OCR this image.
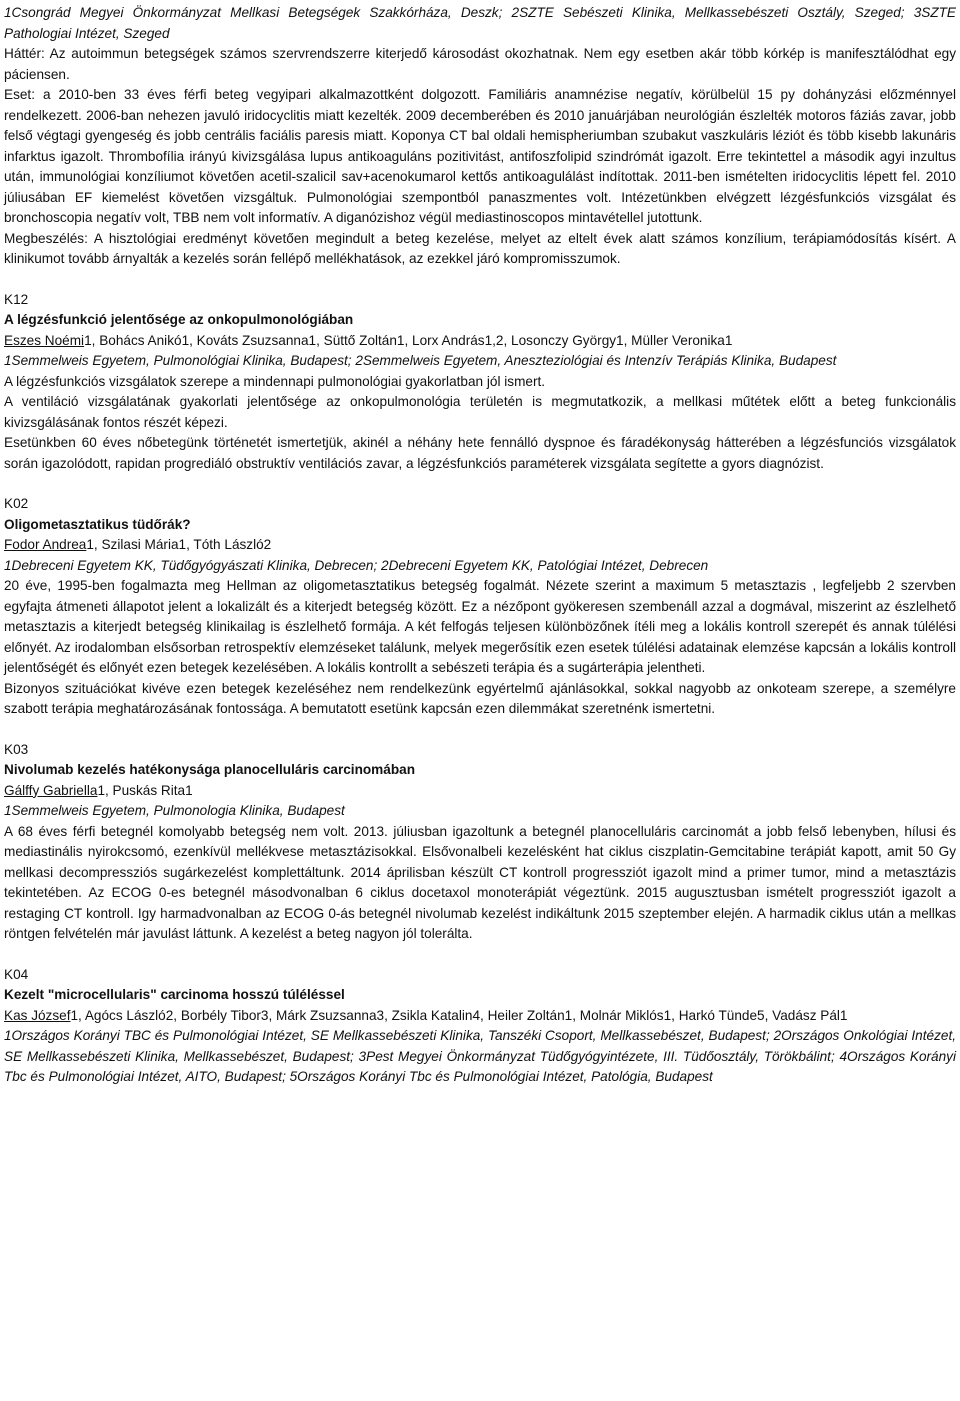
1Csongrád Megyei Önkormányzat Mellkasi Betegségek Szakkórháza, Deszk; 2SZTE Sebészeti Klinika, Mellkassebészeti Osztály, Szeged; 3SZTE Pathologiai Intézet, Szeged

Háttér: Az autoimmun betegségek számos szervrendszerre kiterjedő károsodást okozhatnak. Nem egy esetben akár több kórkép is manifesztálódhat egy páciensen.

Eset: a 2010-ben 33 éves férfi beteg vegyipari alkalmazottként dolgozott. Familiáris anamnézise negatív, körülbelül 15 py dohányzási előzménnyel rendelkezett. 2006-ban nehezen javuló iridocyclitis miatt kezelték. 2009 decemberében és 2010 januárjában neurológián észlelték motoros fáziás zavar, jobb felső végtagi gyengeség és jobb centrális faciális paresis miatt. Koponya CT bal oldali hemispheriumban szubakut vaszkuláris léziót és több kisebb lakunáris infarktus igazolt. Thrombofília irányú kivizsgálása lupus antikoaguláns pozitivitást, antifoszfolipid szindrómát igazolt. Erre tekintettel a második agyi inzultus után, immunológiai konzíliumot követően acetil-szalicil sav+acenokumarol kettős antikoagulálást indítottak. 2011-ben ismételten iridocyclitis lépett fel. 2010 júliusában EF kiemelést követően vizsgáltuk. Pulmonológiai szempontból panaszmentes volt. Intézetünkben elvégzett lézgésfunkciós vizsgálat és bronchoscopia negatív volt, TBB nem volt informatív. A diganózishoz végül mediastinoscopos mintavétellel jutottunk.

Megbeszélés: A hisztológiai eredményt követően megindult a beteg kezelése, melyet az eltelt évek alatt számos konzílium, terápiamódosítás kísért. A klinikumot tovább árnyalták a kezelés során fellépő mellékhatások, az ezekkel járó kompromisszumok.

K12

A légzésfunkció jelentősége az onkopulmonológiában

Eszes Noémi1, Bohács Anikó1, Kováts Zsuzsanna1, Süttő Zoltán1, Lorx András1,2, Losonczy György1, Müller Veronika1

1Semmelweis Egyetem, Pulmonológiai Klinika, Budapest; 2Semmelweis Egyetem, Aneszteziológiai és Intenzív Terápiás Klinika, Budapest

A légzésfunkciós vizsgálatok szerepe a mindennapi pulmonológiai gyakorlatban jól ismert.

A ventiláció vizsgálatának gyakorlati jelentősége az onkopulmonológia területén is megmutatkozik, a mellkasi műtétek előtt a beteg funkcionális kivizsgálásának fontos részét képezi.

Esetünkben 60 éves nőbetegünk történetét ismertetjük, akinél a néhány hete fennálló dyspnoe és fáradékonyság hátterében a légzésfunciós vizsgálatok során igazolódott, rapidan progrediáló obstruktív ventilációs zavar, a légzésfunkciós paraméterek vizsgálata segítette a gyors diagnózist.

K02

Oligometasztatikus tüdőrák?

Fodor Andrea1, Szilasi Mária1, Tóth László2

1Debreceni Egyetem KK, Tüdőgyógyászati Klinika, Debrecen; 2Debreceni Egyetem KK, Patológiai Intézet, Debrecen

20 éve, 1995-ben fogalmazta meg Hellman az oligometasztatikus betegség fogalmát. Nézete szerint a maximum 5 metasztazis , legfeljebb 2 szervben egyfajta átmeneti állapotot jelent a lokalizált és a kiterjedt betegség között. Ez a nézőpont gyökeresen szembenáll azzal a dogmával, miszerint az észlelhető metasztazis a kiterjedt betegség klinikailag is észlelhető formája. A két felfogás teljesen különbözőnek ítéli meg a lokális kontroll szerepét és annak túlélési előnyét. Az irodalomban elsősorban retrospektív elemzéseket találunk, melyek megerősítik ezen esetek túlélési adatainak elemzése kapcsán a lokális kontroll jelentőségét és előnyét ezen betegek kezelésében. A lokális kontrollt a sebészeti terápia és a sugárterápia jelentheti.

Bizonyos szituációkat kivéve ezen betegek kezeléséhez nem rendelkezünk egyértelmű ajánlásokkal, sokkal nagyobb az onkoteam szerepe, a személyre szabott terápia meghatározásának fontossága. A bemutatott esetünk kapcsán ezen dilemmákat szeretnénk ismertetni.

K03

Nivolumab kezelés hatékonysága planocelluláris carcinomában

Gálffy Gabriella1, Puskás Rita1

1Semmelweis Egyetem, Pulmonologia Klinika, Budapest

A 68 éves férfi betegnél komolyabb betegség nem volt. 2013. júliusban igazoltunk a betegnél planocelluláris carcinomát a jobb felső lebenyben, hílusi és mediastinális nyirokcsomó, ezenkívül mellékvese metasztázisokkal. Elsővonalbeli kezelésként hat ciklus ciszplatin-Gemcitabine terápiát kapott, amit 50 Gy mellkasi decompressziós sugárkezelést komplettáltunk. 2014 áprilisban készült CT kontroll progressziót igazolt mind a primer tumor, mind a metasztázis tekintetében. Az ECOG 0-es betegnél másodvonalban 6 ciklus docetaxol monoterápiát végeztünk. 2015 augusztusban ismételt progressziót igazolt a restaging CT kontroll. Igy harmadvonalban az ECOG 0-ás betegnél nivolumab kezelést indikáltunk 2015 szeptember elején. A harmadik ciklus után a mellkas röntgen felvételén már javulást láttunk. A kezelést a beteg nagyon jól tolerálta.

K04

Kezelt "microcellularis" carcinoma hosszú túléléssel

Kas József1, Agócs László2, Borbély Tibor3, Márk Zsuzsanna3, Zsikla Katalin4, Heiler Zoltán1, Molnár Miklós1, Harkó Tünde5, Vadász Pál1

1Országos Korányi TBC és Pulmonológiai Intézet, SE Mellkassebészeti Klinika, Tanszéki Csoport, Mellkassebészet, Budapest; 2Országos Onkológiai Intézet, SE Mellkassebészeti Klinika, Mellkassebészet, Budapest; 3Pest Megyei Önkormányzat Tüdőgyógyintézete, III. Tüdőosztály, Törökbálint; 4Országos Korányi Tbc és Pulmonológiai Intézet, AITO, Budapest; 5Országos Korányi Tbc és Pulmonológiai Intézet, Patológia, Budapest
